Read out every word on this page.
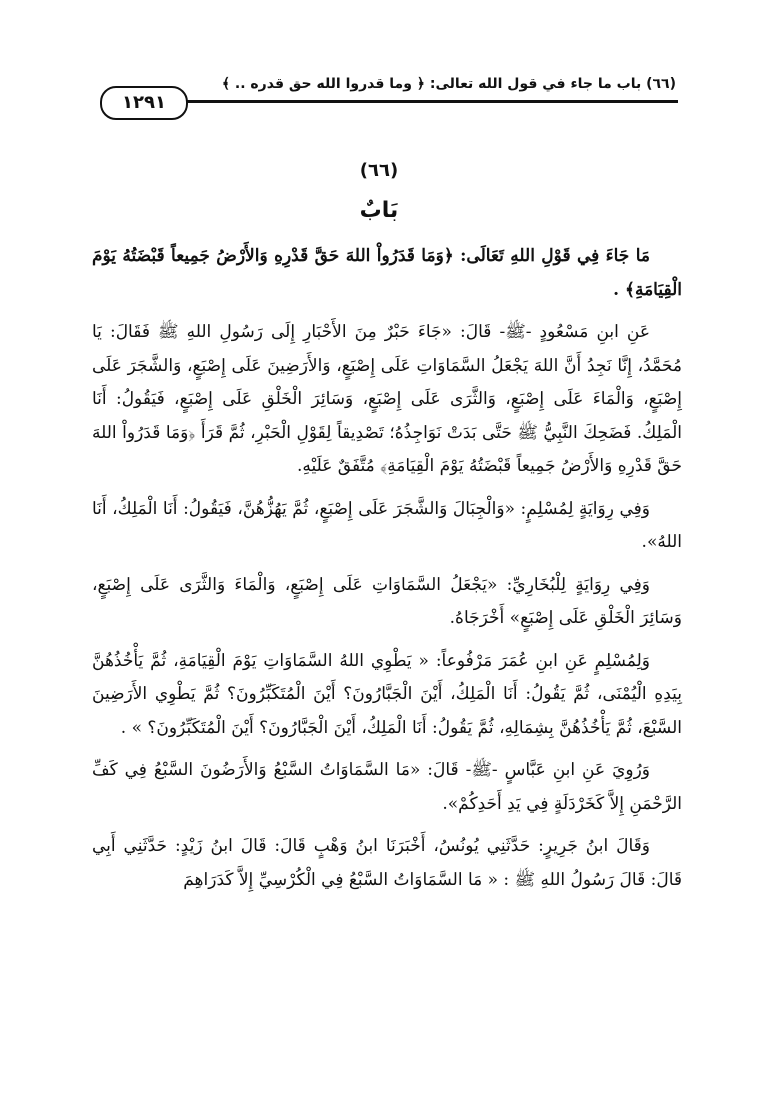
(٦٦) باب ما جاء في قول الله تعالى: ﴿ وما قدروا الله حق قدره .. ﴾
١٢٩١
(٦٦)
بَابٌ

مَا جَاءَ فِي قَوْلِ اللهِ تَعَالَى: ﴿وَمَا قَدَرُواْ اللهَ حَقَّ قَدْرِهِ وَالأَرْضُ جَمِيعاً قَبْضَتُهُ يَوْمَ الْقِيَامَةِ﴾ .

عَنِ ابنِ مَسْعُودٍ -ﷺ- قَالَ: «جَاءَ حَبْرٌ مِنَ الأَحْبَارِ إِلَى رَسُولِ اللهِ ﷺ فَقَالَ: يَا مُحَمَّدُ، إِنَّا نَجِدُ أَنَّ اللهَ يَجْعَلُ السَّمَاوَاتِ عَلَى إِصْبَعٍ، وَالأَرَضِينَ عَلَى إِصْبَعٍ، وَالشَّجَرَ عَلَى إِصْبَعٍ، وَالْمَاءَ عَلَى إِصْبَعٍ، وَالثَّرَى عَلَى إِصْبَعٍ، وَسَائِرَ الْخَلْقِ عَلَى إِصْبَعٍ، فَيَقُولُ: أَنَا الْمَلِكُ. فَضَحِكَ النَّبِيُّ ﷺ حَتَّى بَدَتْ نَوَاجِذُهُ؛ تَصْدِيقاً لِقَوْلِ الْحَبْرِ، ثُمَّ قَرَأَ ﴿وَمَا قَدَرُواْ اللهَ حَقَّ قَدْرِهِ وَالأَرْضُ جَمِيعاً قَبْضَتُهُ يَوْمَ الْقِيَامَةِ﴾ مُتَّفَقٌ عَلَيْهِ.

وَفِي رِوَايَةٍ لِمُسْلِمٍ: «وَالْجِبَالَ وَالشَّجَرَ عَلَى إِصْبَعٍ، ثُمَّ يَهُزُّهُنَّ، فَيَقُولُ: أَنَا الْمَلِكُ، أَنَا اللهُ».

وَفِي رِوَايَةٍ لِلْبُخَارِيِّ: «يَجْعَلُ السَّمَاوَاتِ عَلَى إِصْبَعٍ، وَالْمَاءَ وَالثَّرَى عَلَى إِصْبَعٍ، وَسَائِرَ الْخَلْقِ عَلَى إِصْبَعٍ» أَخْرَجَاهُ.

وَلِمُسْلِمٍ عَنِ ابنِ عُمَرَ مَرْفُوعاً: « يَطْوِي اللهُ السَّمَاوَاتِ يَوْمَ الْقِيَامَةِ، ثُمَّ يَأْخُذُهُنَّ بِيَدِهِ الْيُمْنَى، ثُمَّ يَقُولُ: أَنَا الْمَلِكُ، أَيْنَ الْجَبَّارُونَ؟ أَيْنَ الْمُتَكَبِّرُونَ؟ ثُمَّ يَطْوِي الأَرَضِينَ السَّبْعَ، ثُمَّ يَأْخُذُهُنَّ بِشِمَالِهِ، ثُمَّ يَقُولُ: أَنَا الْمَلِكُ، أَيْنَ الْجَبَّارُونَ؟ أَيْنَ الْمُتَكَبِّرُونَ؟ » .

وَرُوِيَ عَنِ ابنِ عَبَّاسٍ -ﷺ- قَالَ: «مَا السَّمَاوَاتُ السَّبْعُ وَالأَرَضُونَ السَّبْعُ فِي كَفِّ الرَّحْمَنِ إِلاَّ كَخَرْدَلَةٍ فِي يَدِ أَحَدِكُمْ».

وَقَالَ ابنُ جَرِيرٍ: حَدَّثَنِي يُونُسُ، أَخْبَرَنَا ابنُ وَهْبٍ قَالَ: قَالَ ابنُ زَيْدٍ: حَدَّثَنِي أَبِي قَالَ: قَالَ رَسُولُ اللهِ ﷺ : « مَا السَّمَاوَاتُ السَّبْعُ فِي الْكُرْسِيِّ إِلاَّ كَدَرَاهِمَ
